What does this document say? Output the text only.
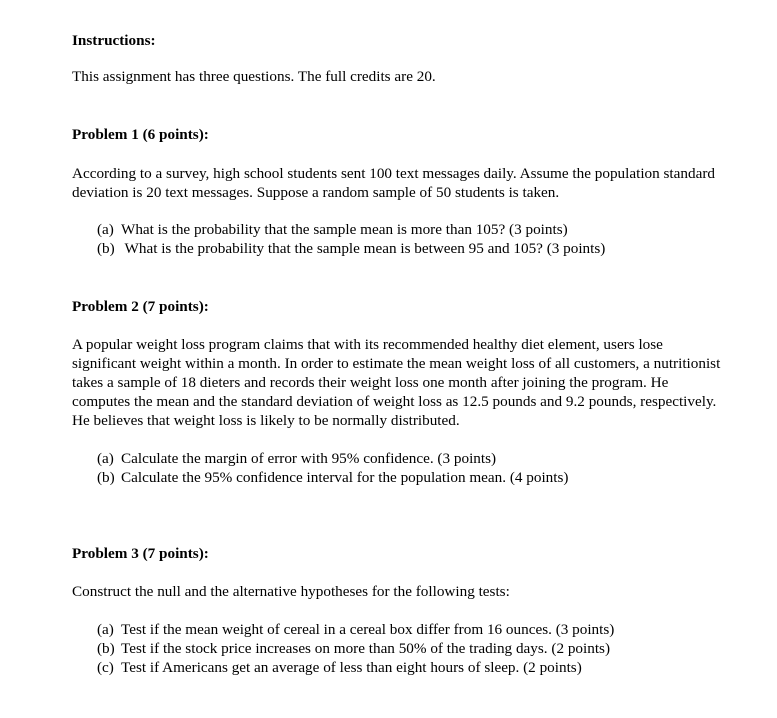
Instructions:

This assignment has three questions. The full credits are 20.

Problem 1 (6 points):

According to a survey, high school students sent 100 text messages daily. Assume the population standard deviation is 20 text messages. Suppose a random sample of 50 students is taken.

(a) What is the probability that the sample mean is more than 105? (3 points)
(b) What is the probability that the sample mean is between 95 and 105? (3 points)

Problem 2 (7 points):

A popular weight loss program claims that with its recommended healthy diet element, users lose significant weight within a month. In order to estimate the mean weight loss of all customers, a nutritionist takes a sample of 18 dieters and records their weight loss one month after joining the program. He computes the mean and the standard deviation of weight loss as 12.5 pounds and 9.2 pounds, respectively. He believes that weight loss is likely to be normally distributed.

(a) Calculate the margin of error with 95% confidence. (3 points)
(b) Calculate the 95% confidence interval for the population mean. (4 points)

Problem 3 (7 points):

Construct the null and the alternative hypotheses for the following tests:

(a) Test if the mean weight of cereal in a cereal box differ from 16 ounces. (3 points)
(b) Test if the stock price increases on more than 50% of the trading days. (2 points)
(c) Test if Americans get an average of less than eight hours of sleep. (2 points)
